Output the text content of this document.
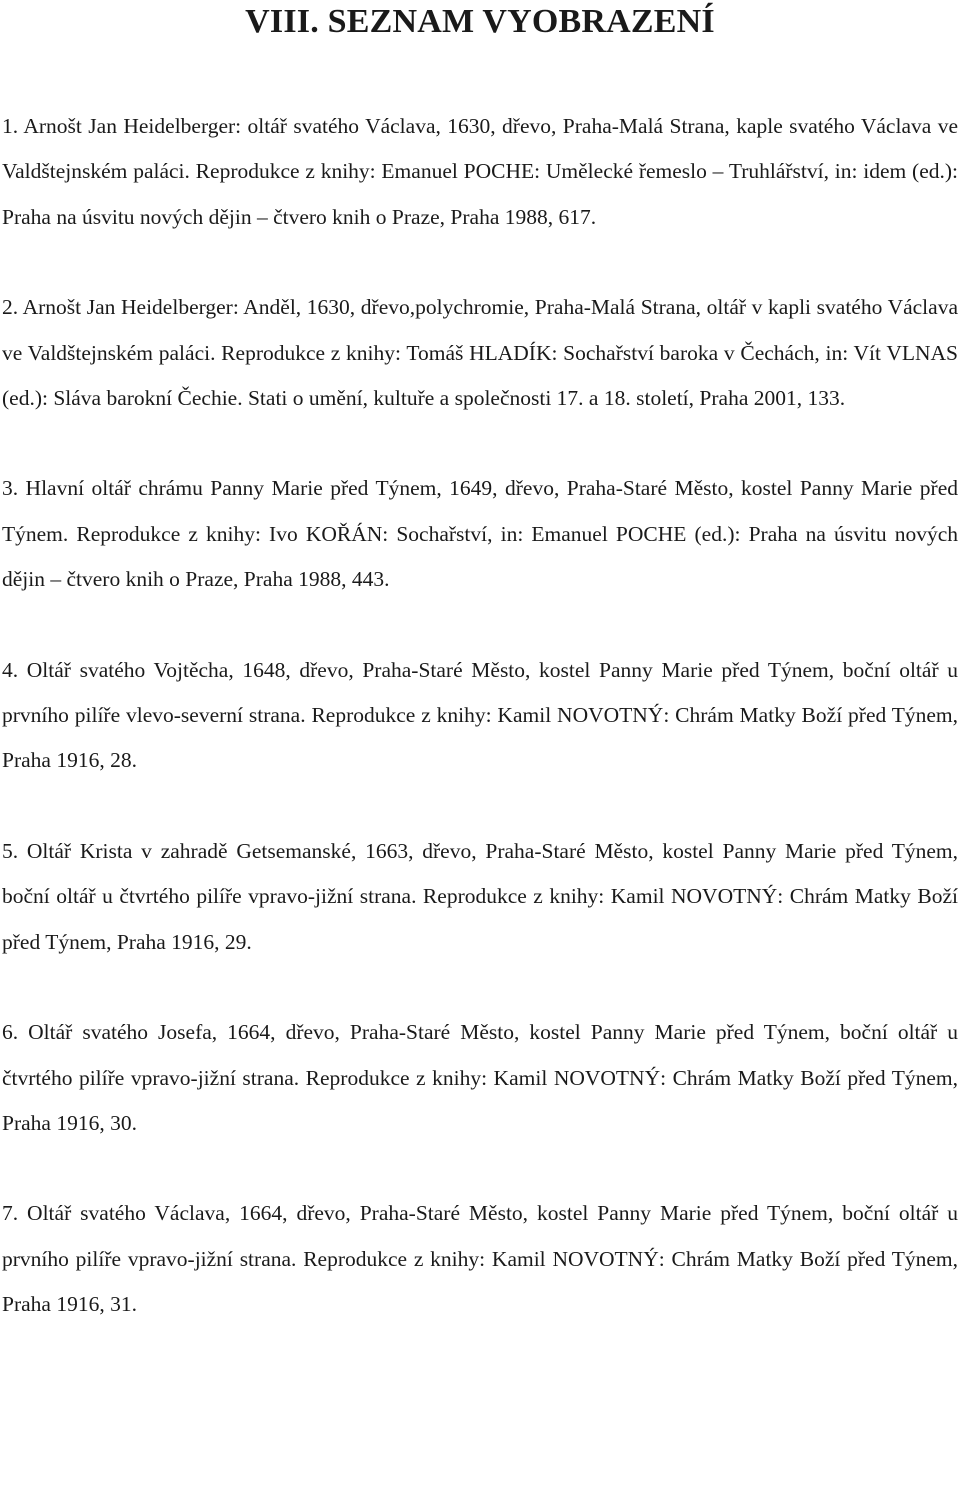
VIII. SEZNAM VYOBRAZENÍ
1. Arnošt Jan Heidelberger: oltář svatého Václava, 1630, dřevo, Praha-Malá Strana, kaple svatého Václava ve Valdštejnském paláci. Reprodukce z knihy: Emanuel POCHE: Umělecké řemeslo – Truhlářství, in: idem (ed.): Praha na úsvitu nových dějin – čtvero knih o Praze, Praha 1988, 617.
2. Arnošt Jan Heidelberger: Anděl, 1630, dřevo,polychromie, Praha-Malá Strana, oltář v kapli svatého Václava ve Valdštejnském paláci. Reprodukce z knihy: Tomáš HLADÍK: Sochařství baroka v Čechách, in: Vít VLNAS (ed.): Sláva barokní Čechie. Stati o umění, kultuře a společnosti 17. a 18. století, Praha 2001, 133.
3. Hlavní oltář chrámu Panny Marie před Týnem, 1649, dřevo, Praha-Staré Město, kostel Panny Marie před Týnem. Reprodukce z knihy: Ivo KOŘÁN: Sochařství, in: Emanuel POCHE (ed.): Praha na úsvitu nových dějin – čtvero knih o Praze, Praha 1988, 443.
4. Oltář svatého Vojtěcha, 1648, dřevo, Praha-Staré Město, kostel Panny Marie před Týnem, boční oltář u prvního pilíře vlevo-severní strana. Reprodukce z knihy: Kamil NOVOTNÝ: Chrám Matky Boží před Týnem, Praha 1916, 28.
5. Oltář Krista v zahradě Getsemanské, 1663, dřevo, Praha-Staré Město, kostel Panny Marie před Týnem, boční oltář u čtvrtého pilíře vpravo-jižní strana. Reprodukce z knihy: Kamil NOVOTNÝ: Chrám Matky Boží před Týnem, Praha 1916, 29.
6. Oltář svatého Josefa, 1664, dřevo, Praha-Staré Město, kostel Panny Marie před Týnem, boční oltář u čtvrtého pilíře vpravo-jižní strana. Reprodukce z knihy: Kamil NOVOTNÝ: Chrám Matky Boží před Týnem, Praha 1916, 30.
7. Oltář svatého Václava, 1664, dřevo, Praha-Staré Město, kostel Panny Marie před Týnem, boční oltář u prvního pilíře vpravo-jižní strana. Reprodukce z knihy: Kamil NOVOTNÝ: Chrám Matky Boží před Týnem, Praha 1916, 31.
